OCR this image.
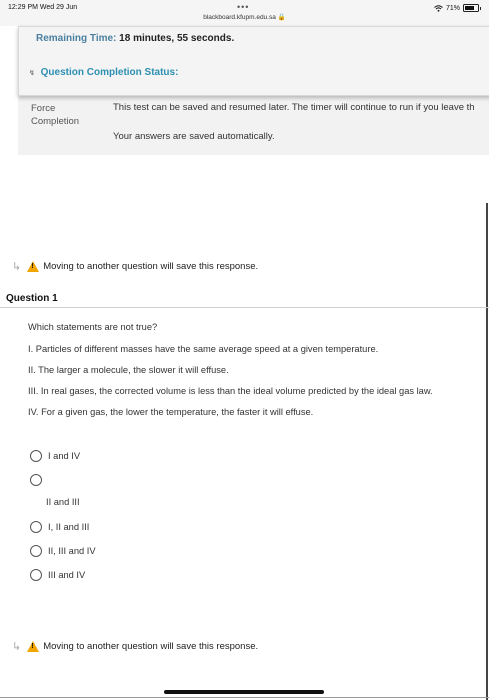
12:29 PM Wed 29 Jun	•••
blackboard.kfupm.edu.sa 🔒
71%
Remaining Time: 18 minutes, 55 seconds.
↯ Question Completion Status:
Force
Completion
This test can be saved and resumed later. The timer will continue to run if you leave th
Your answers are saved automatically.
↳ ! Moving to another question will save this response.
Question 1
Which statements are not true?
I. Particles of different masses have the same average speed at a given temperature.
II. The larger a molecule, the slower it will effuse.
III. In real gases, the corrected volume is less than the ideal volume predicted by the ideal gas law.
IV. For a given gas, the lower the temperature, the faster it will effuse.
I and IV
II and III
I, II and III
II, III and IV
III and IV
↳ ! Moving to another question will save this response.
